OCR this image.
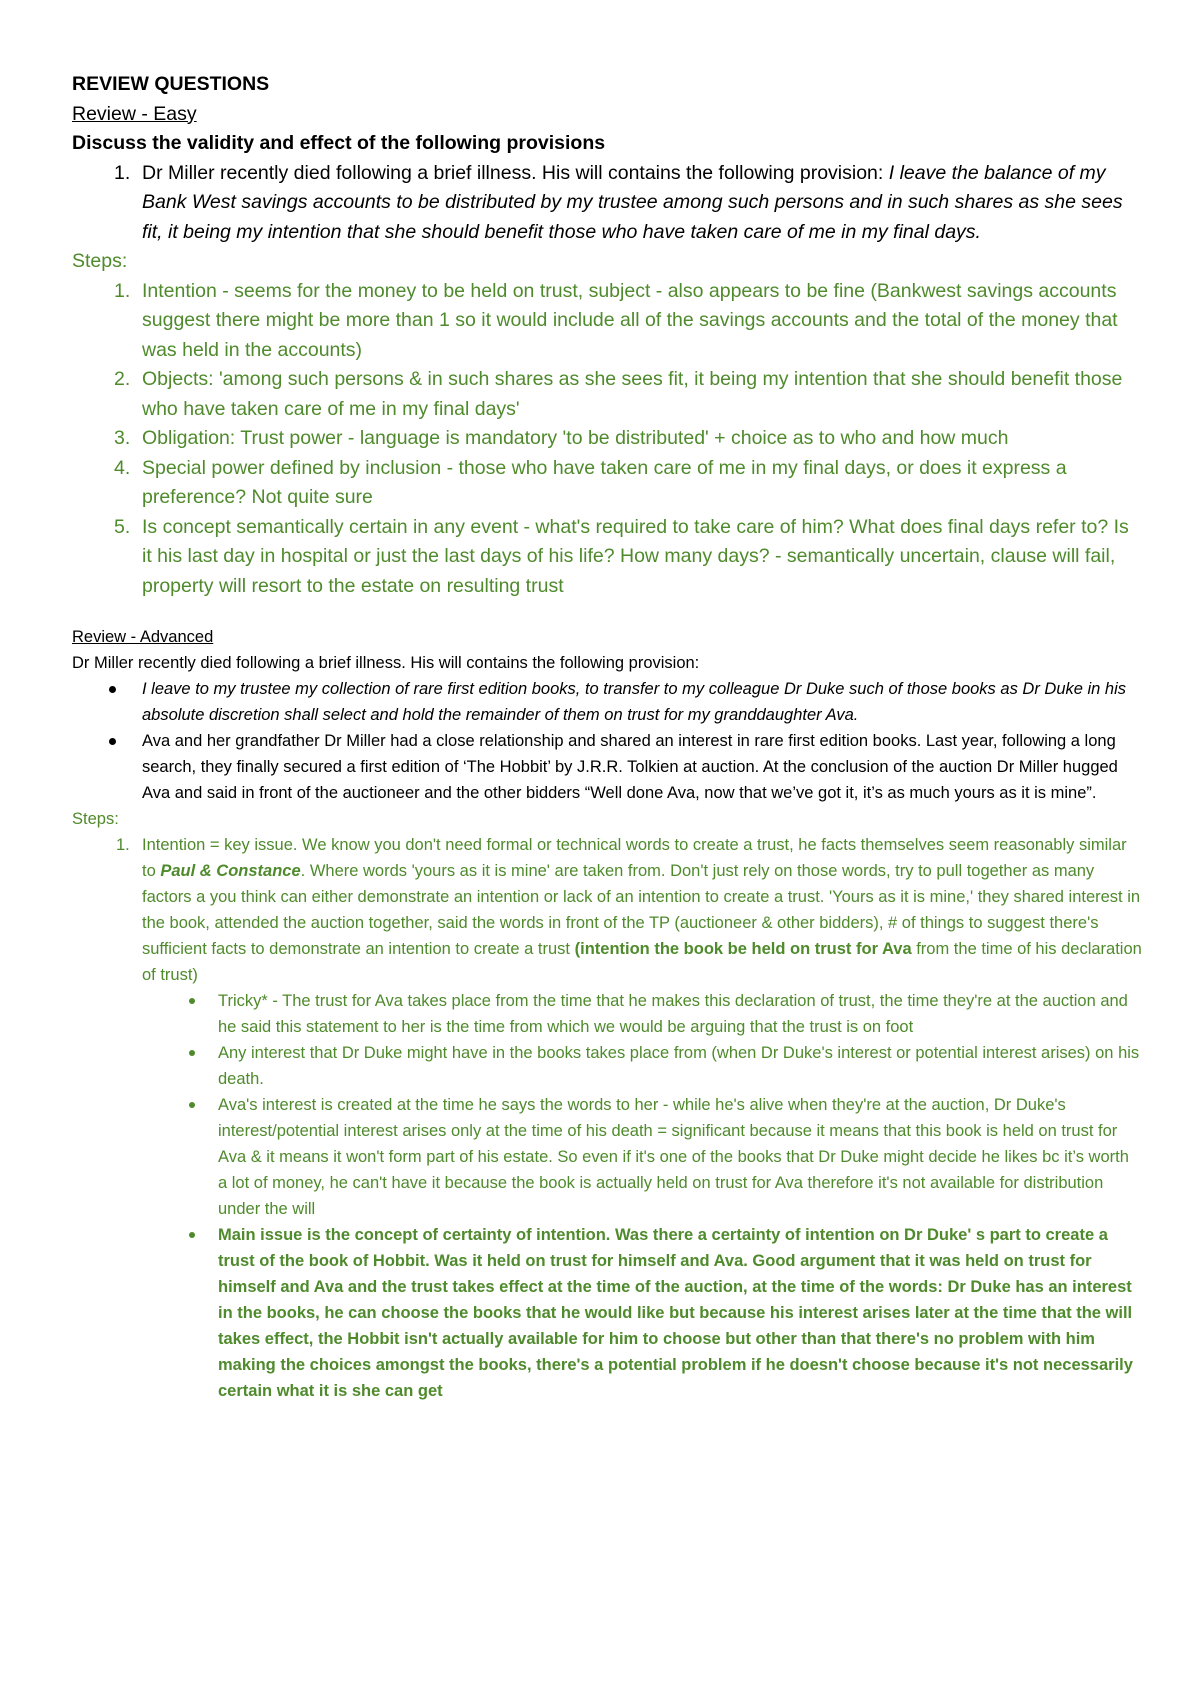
REVIEW QUESTIONS
Review - Easy
Discuss the validity and effect of the following provisions
1. Dr Miller recently died following a brief illness. His will contains the following provision: I leave the balance of my Bank West savings accounts to be distributed by my trustee among such persons and in such shares as she sees fit, it being my intention that she should benefit those who have taken care of me in my final days.
Steps:
1. Intention - seems for the money to be held on trust, subject - also appears to be fine (Bankwest savings accounts suggest there might be more than 1 so it would include all of the savings accounts and the total of the money that was held in the accounts)
2. Objects: 'among such persons & in such shares as she sees fit, it being my intention that she should benefit those who have taken care of me in my final days'
3. Obligation: Trust power - language is mandatory 'to be distributed' + choice as to who and how much
4. Special power defined by inclusion - those who have taken care of me in my final days, or does it express a preference? Not quite sure
5. Is concept semantically certain in any event - what's required to take care of him? What does final days refer to? Is it his last day in hospital or just the last days of his life? How many days? - semantically uncertain, clause will fail, property will resort to the estate on resulting trust
Review - Advanced
Dr Miller recently died following a brief illness. His will contains the following provision:
I leave to my trustee my collection of rare first edition books, to transfer to my colleague Dr Duke such of those books as Dr Duke in his absolute discretion shall select and hold the remainder of them on trust for my granddaughter Ava.
Ava and her grandfather Dr Miller had a close relationship and shared an interest in rare first edition books. Last year, following a long search, they finally secured a first edition of ‘The Hobbit’ by J.R.R. Tolkien at auction. At the conclusion of the auction Dr Miller hugged Ava and said in front of the auctioneer and the other bidders “Well done Ava, now that we’ve got it, it’s as much yours as it is mine”.
Steps:
1. Intention = key issue. We know you don't need formal or technical words to create a trust, he facts themselves seem reasonably similar to Paul & Constance. Where words 'yours as it is mine' are taken from. Don't just rely on those words, try to pull together as many factors a you think can either demonstrate an intention or lack of an intention to create a trust. 'Yours as it is mine,' they shared interest in the book, attended the auction together, said the words in front of the TP (auctioneer & other bidders), # of things to suggest there's sufficient facts to demonstrate an intention to create a trust (intention the book be held on trust for Ava from the time of his declaration of trust)
Tricky* - The trust for Ava takes place from the time that he makes this declaration of trust, the time they're at the auction and he said this statement to her is the time from which we would be arguing that the trust is on foot
Any interest that Dr Duke might have in the books takes place from (when Dr Duke's interest or potential interest arises) on his death.
Ava's interest is created at the time he says the words to her - while he's alive when they're at the auction, Dr Duke's interest/potential interest arises only at the time of his death = significant because it means that this book is held on trust for Ava & it means it won't form part of his estate. So even if it's one of the books that Dr Duke might decide he likes bc it’s worth a lot of money, he can't have it because the book is actually held on trust for Ava therefore it's not available for distribution under the will
Main issue is the concept of certainty of intention. Was there a certainty of intention on Dr Duke' s part to create a trust of the book of Hobbit. Was it held on trust for himself and Ava. Good argument that it was held on trust for himself and Ava and the trust takes effect at the time of the auction, at the time of the words: Dr Duke has an interest in the books, he can choose the books that he would like but because his interest arises later at the time that the will takes effect, the Hobbit isn't actually available for him to choose but other than that there's no problem with him making the choices amongst the books, there's a potential problem if he doesn't choose because it's not necessarily certain what it is she can get
